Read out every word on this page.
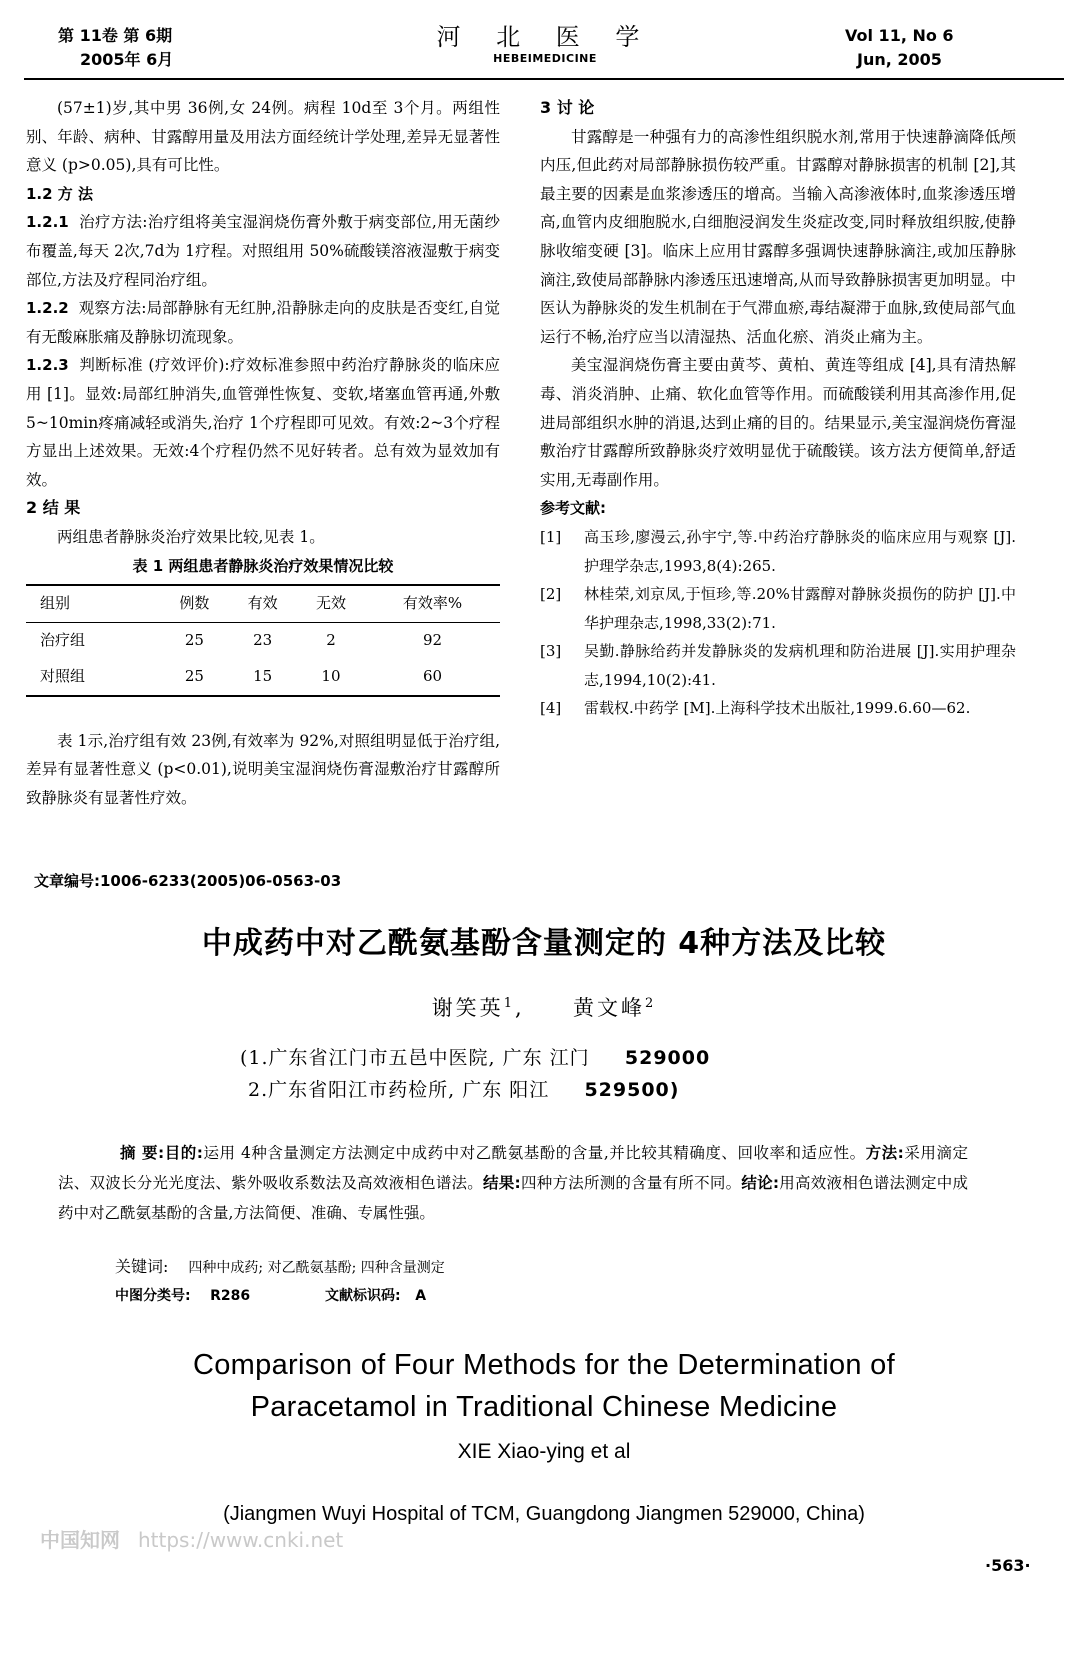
第 11卷 第 6期
2005年 6月
河 北 医 学
HEBEIMEDICINE
Vol 11, No 6
Jun, 2005

(57±1)岁,其中男 36例,女 24例。病程 10d至 3个月。两组性别、年龄、病种、甘露醇用量及用法方面经统计学处理,差异无显著性意义 (p>0.05),具有可比性。

1.2 方 法

1.2.1 治疗方法:治疗组将美宝湿润烧伤膏外敷于病变部位,用无菌纱布覆盖,每天 2次,7d为 1疗程。对照组用 50%硫酸镁溶液湿敷于病变部位,方法及疗程同治疗组。

1.2.2 观察方法:局部静脉有无红肿,沿静脉走向的皮肤是否变红,自觉有无酸麻胀痛及静脉切流现象。

1.2.3 判断标准 (疗效评价):疗效标准参照中药治疗静脉炎的临床应用 [1]。显效:局部红肿消失,血管弹性恢复、变软,堵塞血管再通,外敷 5~10min疼痛减轻或消失,治疗 1个疗程即可见效。有效:2~3个疗程方显出上述效果。无效:4个疗程仍然不见好转者。总有效为显效加有效。

2 结 果

两组患者静脉炎治疗效果比较,见表 1。

表 1 两组患者静脉炎治疗效果情况比较
组别	例数	有效	无效	有效率%
治疗组	25	23	2	92
对照组	25	15	10	60

表 1示,治疗组有效 23例,有效率为 92%,对照组明显低于治疗组,差异有显著性意义 (p<0.01),说明美宝湿润烧伤膏湿敷治疗甘露醇所致静脉炎有显著性疗效。

3 讨 论

甘露醇是一种强有力的高渗性组织脱水剂,常用于快速静滴降低颅内压,但此药对局部静脉损伤较严重。甘露醇对静脉损害的机制 [2],其最主要的因素是血浆渗透压的增高。当输入高渗液体时,血浆渗透压增高,血管内皮细胞脱水,白细胞浸润发生炎症改变,同时释放组织胺,使静脉收缩变硬 [3]。临床上应用甘露醇多强调快速静脉滴注,或加压静脉滴注,致使局部静脉内渗透压迅速增高,从而导致静脉损害更加明显。中医认为静脉炎的发生机制在于气滞血瘀,毒结凝滞于血脉,致使局部气血运行不畅,治疗应当以清湿热、活血化瘀、消炎止痛为主。

美宝湿润烧伤膏主要由黄芩、黄柏、黄连等组成 [4],具有清热解毒、消炎消肿、止痛、软化血管等作用。而硫酸镁利用其高渗作用,促进局部组织水肿的消退,达到止痛的目的。结果显示,美宝湿润烧伤膏湿敷治疗甘露醇所致静脉炎疗效明显优于硫酸镁。该方法方便简单,舒适实用,无毒副作用。

参考文献:

[1]	高玉珍,廖漫云,孙宇宁,等.中药治疗静脉炎的临床应用与观察 [J].护理学杂志,1993,8(4):265.
[2]	林桂荣,刘京凤,于恒珍,等.20%甘露醇对静脉炎损伤的防护 [J].中华护理杂志,1998,33(2):71.
[3]	吴勤.静脉给药并发静脉炎的发病机理和防治进展 [J].实用护理杂志,1994,10(2):41.
[4]	雷载权.中药学 [M].上海科学技术出版社,1999.6.60—62.
文章编号:1006-6233(2005)06-0563-03
中成药中对乙酰氨基酚含量测定的 4种方法及比较
谢笑英$^1$,     黄文峰$^2$
(1.广东省江门市五邑中医院, 广东 江门 529000
2.广东省阳江市药检所, 广东 阳江 529500)
摘 要:目的:运用 4种含量测定方法测定中成药中对乙酰氨基酚的含量,并比较其精确度、回收率和适应性。方法:采用滴定法、双波长分光光度法、紫外吸收系数法及高效液相色谱法。结果:四种方法所测的含量有所不同。结论:用高效液相色谱法测定中成药中对乙酰氨基酚的含量,方法简便、准确、专属性强。
关键词: 四种中成药; 对乙酰氨基酚; 四种含量测定
中图分类号: R286	文献标识码: A
Comparison of Four Methods for the Determination of
Paracetamol in Traditional Chinese Medicine
XIE Xiao-ying et al
(Jiangmen Wuyi Hospital of TCM, Guangdong Jiangmen 529000, China)
中国知网 https://www.cnki.net
·563·
